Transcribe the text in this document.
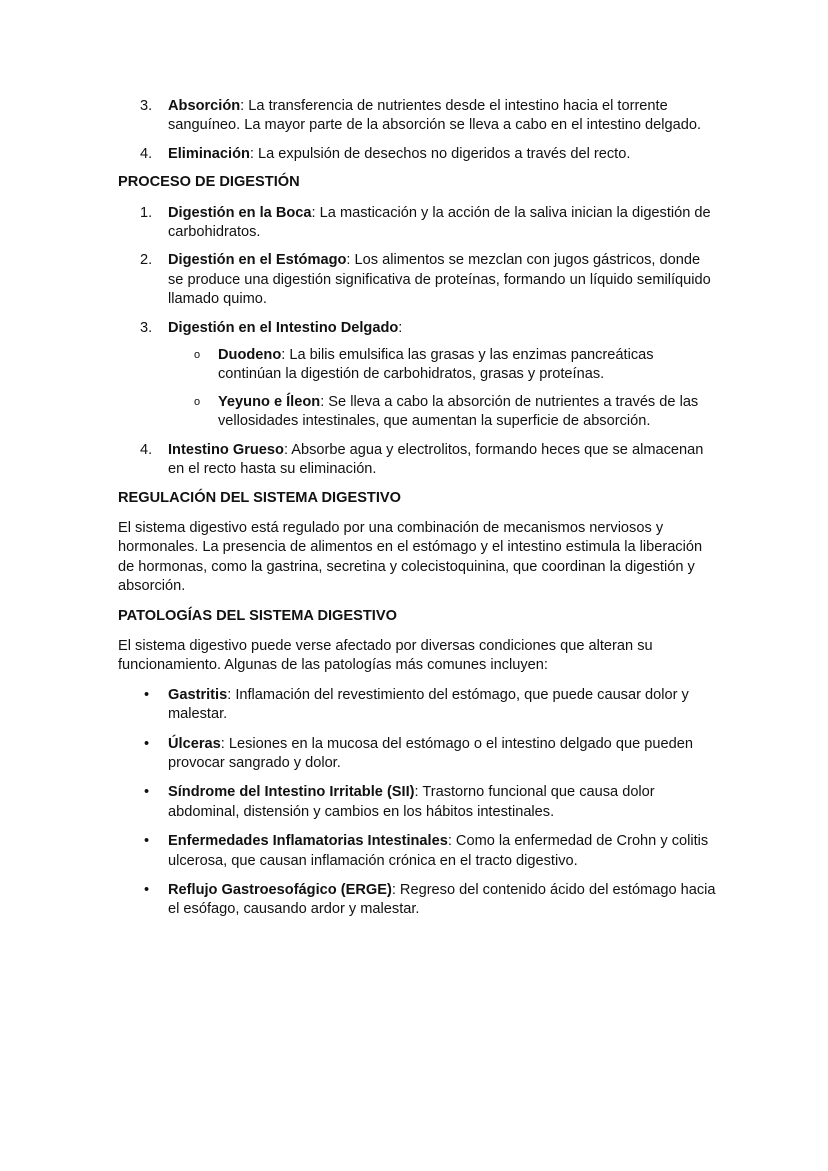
3. Absorción: La transferencia de nutrientes desde el intestino hacia el torrente sanguíneo. La mayor parte de la absorción se lleva a cabo en el intestino delgado.
4. Eliminación: La expulsión de desechos no digeridos a través del recto.
PROCESO DE DIGESTIÓN
1. Digestión en la Boca: La masticación y la acción de la saliva inician la digestión de carbohidratos.
2. Digestión en el Estómago: Los alimentos se mezclan con jugos gástricos, donde se produce una digestión significativa de proteínas, formando un líquido semilíquido llamado quimo.
3. Digestión en el Intestino Delgado:
o Duodeno: La bilis emulsifica las grasas y las enzimas pancreáticas continúan la digestión de carbohidratos, grasas y proteínas.
o Yeyuno e Íleon: Se lleva a cabo la absorción de nutrientes a través de las vellosidades intestinales, que aumentan la superficie de absorción.
4. Intestino Grueso: Absorbe agua y electrolitos, formando heces que se almacenan en el recto hasta su eliminación.
REGULACIÓN DEL SISTEMA DIGESTIVO

El sistema digestivo está regulado por una combinación de mecanismos nerviosos y hormonales. La presencia de alimentos en el estómago y el intestino estimula la liberación de hormonas, como la gastrina, secretina y colecistoquinina, que coordinan la digestión y absorción.

PATOLOGÍAS DEL SISTEMA DIGESTIVO

El sistema digestivo puede verse afectado por diversas condiciones que alteran su funcionamiento. Algunas de las patologías más comunes incluyen:

• Gastritis: Inflamación del revestimiento del estómago, que puede causar dolor y malestar.
• Úlceras: Lesiones en la mucosa del estómago o el intestino delgado que pueden provocar sangrado y dolor.
• Síndrome del Intestino Irritable (SII): Trastorno funcional que causa dolor abdominal, distensión y cambios en los hábitos intestinales.
• Enfermedades Inflamatorias Intestinales: Como la enfermedad de Crohn y colitis ulcerosa, que causan inflamación crónica en el tracto digestivo.
• Reflujo Gastroesofágico (ERGE): Regreso del contenido ácido del estómago hacia el esófago, causando ardor y malestar.
